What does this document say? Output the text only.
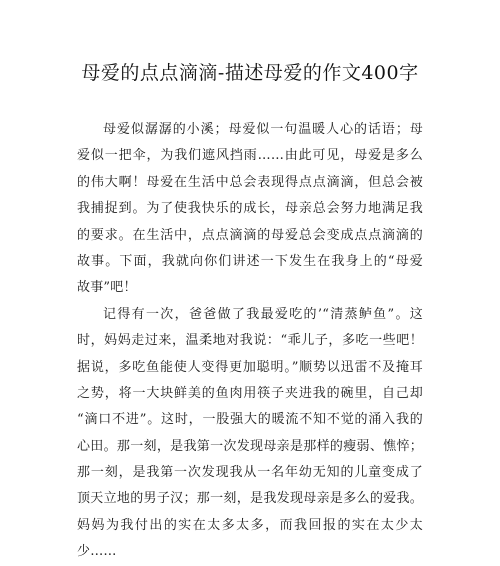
母爱的点点滴滴-描述母爱的作文400字
母爱似潺潺的小溪；母爱似一句温暖人心的话语；母
爱似一把伞，为我们遮风挡雨……由此可见，母爱是多么
的伟大啊！母爱在生活中总会表现得点点滴滴，但总会被
我捕捉到。为了使我快乐的成长，母亲总会努力地满足我
的要求。在生活中，点点滴滴的母爱总会变成点点滴滴的
故事。下面，我就向你们讲述一下发生在我身上的“母爱
故事”吧！
记得有一次，爸爸做了我最爱吃的’“清蒸鲈鱼”。这
时，妈妈走过来，温柔地对我说：“乖儿子，多吃一些吧！
据说，多吃鱼能使人变得更加聪明。”顺势以迅雷不及掩耳
之势，将一大块鲜美的鱼肉用筷子夹进我的碗里，自己却
“滴口不进”。这时，一股强大的暖流不知不觉的涌入我的
心田。那一刻，是我第一次发现母亲是那样的瘦弱、憔悴；
那一刻，是我第一次发现我从一名年幼无知的儿童变成了
顶天立地的男子汉；那一刻，是我发现母亲是多么的爱我。
妈妈为我付出的实在太多太多，而我回报的实在太少太
少……
